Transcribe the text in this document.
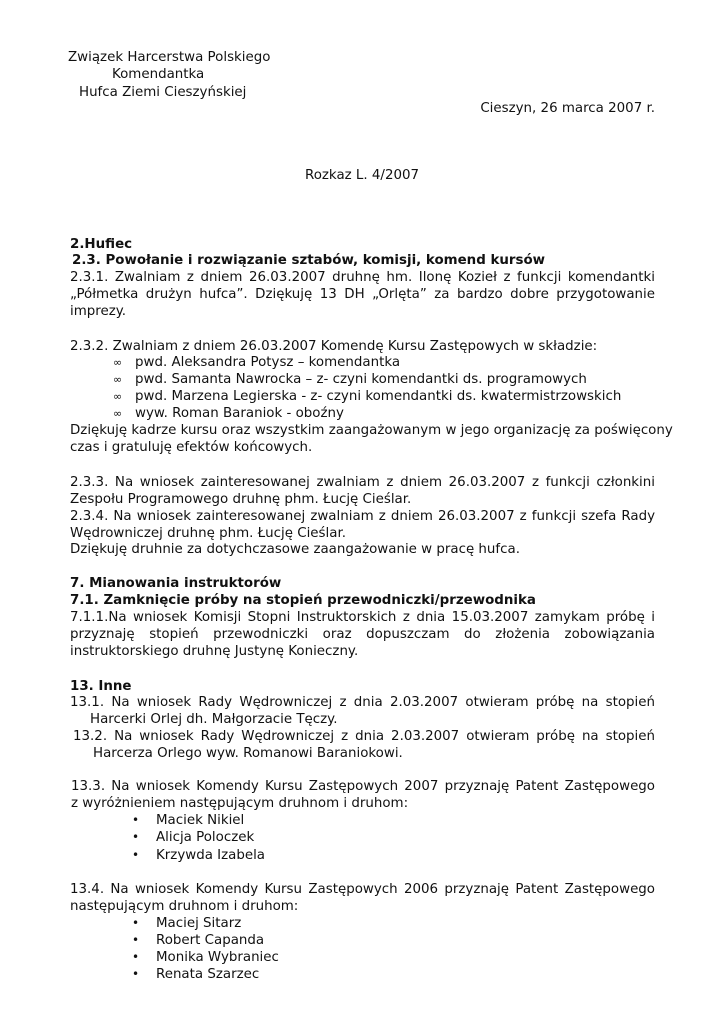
Związek Harcerstwa Polskiego
Komendantka
Hufca Ziemi Cieszyńskiej
Cieszyn, 26 marca 2007 r.
Rozkaz L. 4/2007
2.Hufiec
2.3. Powołanie i rozwiązanie sztabów, komisji, komend kursów
2.3.1. Zwalniam z dniem 26.03.2007 druhnę hm. Ilonę Kozieł z funkcji komendantki
„Półmetka drużyn hufca”. Dziękuję 13 DH „Orlęta” za bardzo dobre przygotowanie
imprezy.
2.3.2. Zwalniam z dniem 26.03.2007 Komendę Kursu Zastępowych w składzie:
∞ pwd. Aleksandra Potysz – komendantka
∞ pwd. Samanta Nawrocka – z- czyni komendantki ds. programowych
∞ pwd. Marzena Legierska - z- czyni komendantki ds. kwatermistrzowskich
∞ wyw. Roman Baraniok - oboźny
Dziękuję kadrze kursu oraz wszystkim zaangażowanym w jego organizację za poświęcony
czas i gratuluję efektów końcowych.
2.3.3. Na wniosek zainteresowanej zwalniam z dniem 26.03.2007 z funkcji członkini
Zespołu Programowego druhnę phm. Łucję Cieślar.
2.3.4. Na wniosek zainteresowanej zwalniam z dniem 26.03.2007 z funkcji szefa Rady
Wędrowniczej druhnę phm. Łucję Cieślar.
Dziękuję druhnie za dotychczasowe zaangażowanie w pracę hufca.
7. Mianowania instruktorów
7.1. Zamknięcie próby na stopień przewodniczki/przewodnika
7.1.1.Na wniosek Komisji Stopni Instruktorskich z dnia 15.03.2007 zamykam próbę i
przyznaję stopień przewodniczki oraz dopuszczam do złożenia zobowiązania
instruktorskiego druhnę Justynę Konieczny.
13. Inne
13.1. Na wniosek Rady Wędrowniczej z dnia 2.03.2007 otwieram próbę na stopień
Harcerki Orlej dh. Małgorzacie Tęczy.
13.2. Na wniosek Rady Wędrowniczej z dnia 2.03.2007 otwieram próbę na stopień
Harcerza Orlego wyw. Romanowi Baraniokowi.
13.3. Na wniosek Komendy Kursu Zastępowych 2007 przyznaję Patent Zastępowego
z wyróżnieniem następującym druhnom i druhom:
• Maciek Nikiel
• Alicja Poloczek
• Krzywda Izabela
13.4. Na wniosek Komendy Kursu Zastępowych 2006 przyznaję Patent Zastępowego
następującym druhnom i druhom:
• Maciej Sitarz
• Robert Capanda
• Monika Wybraniec
• Renata Szarzec
